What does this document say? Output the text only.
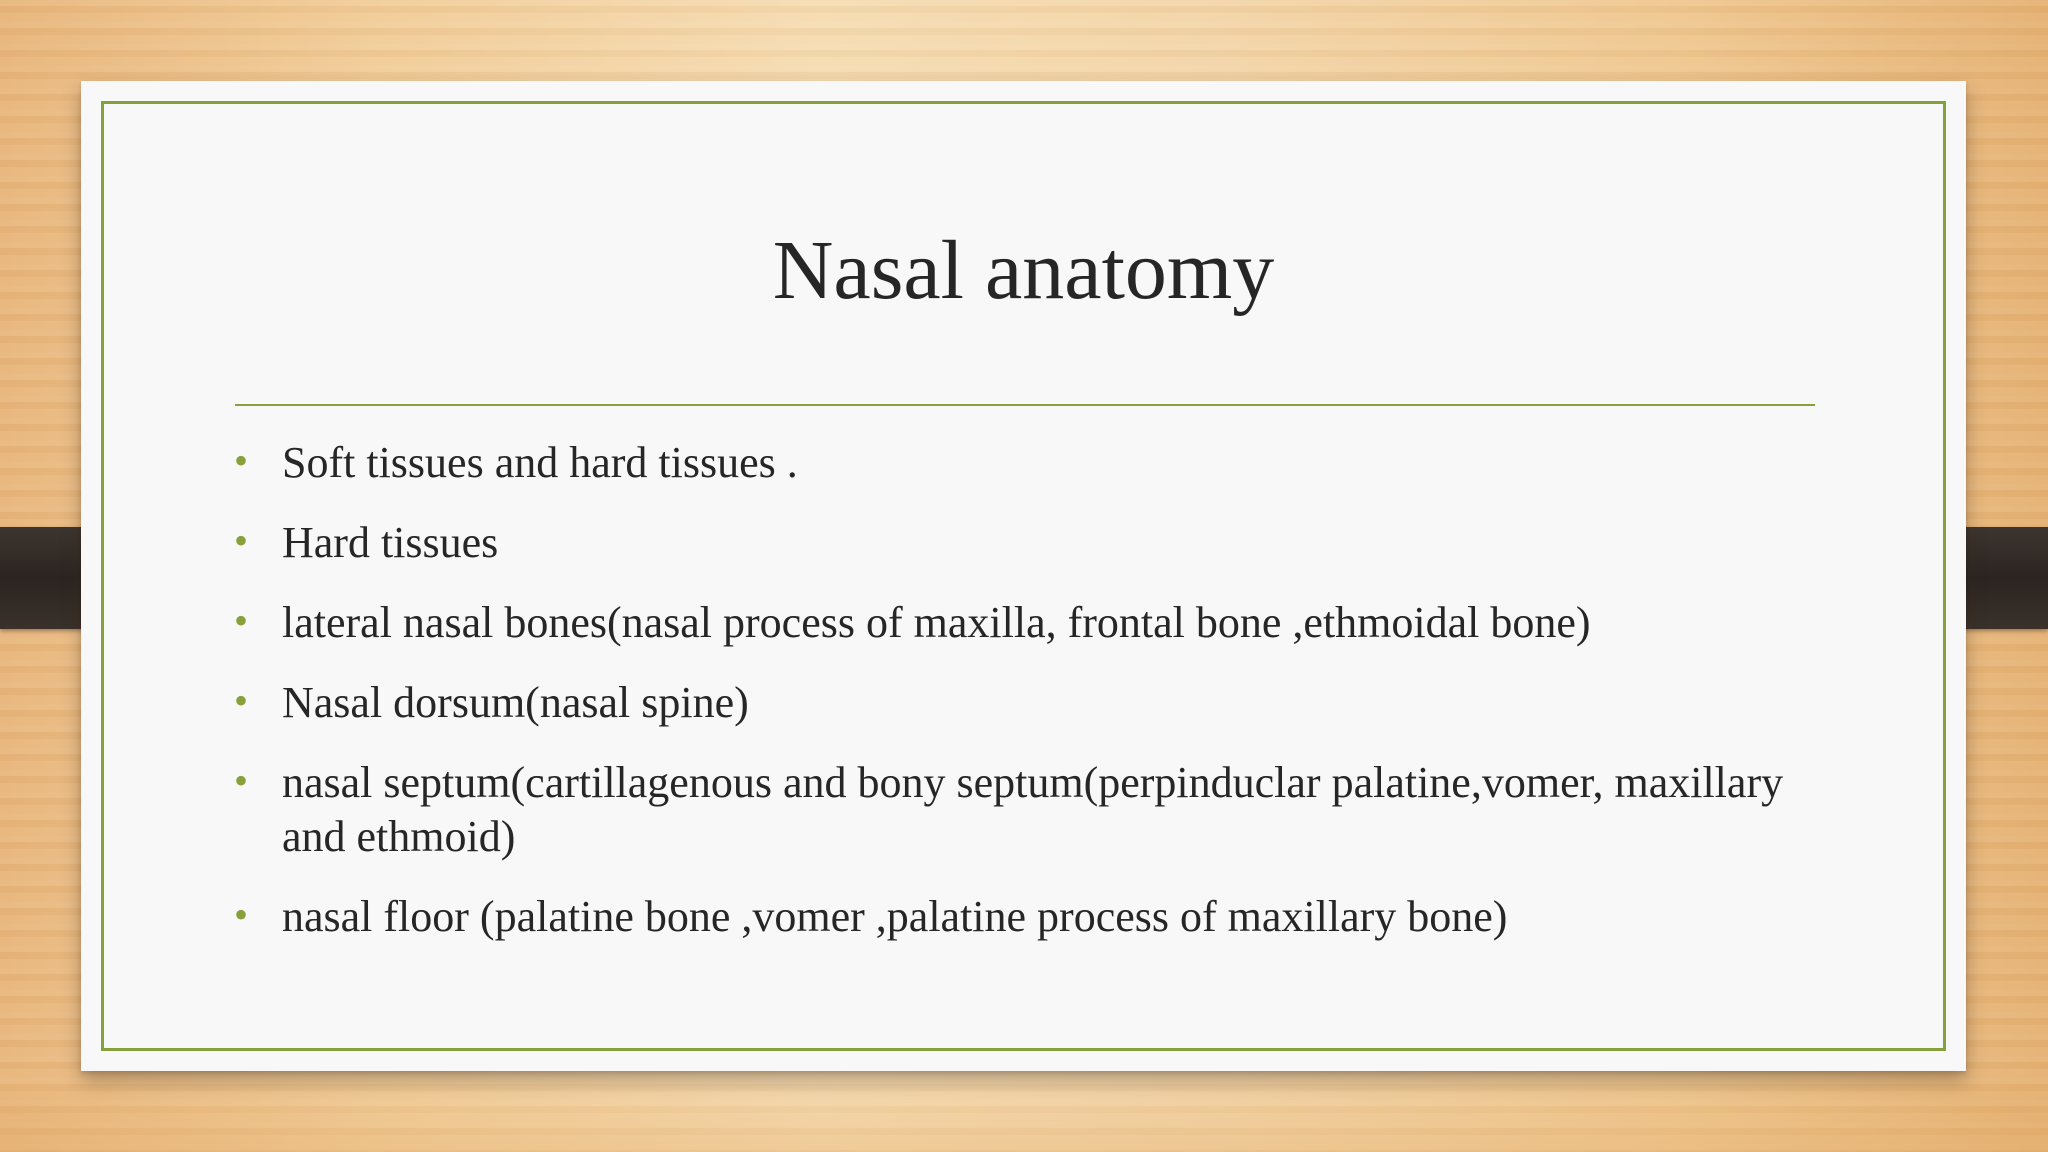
Nasal anatomy
• Soft tissues and hard tissues .
• Hard tissues
• lateral nasal bones(nasal process of maxilla, frontal bone ,ethmoidal bone)
• Nasal dorsum(nasal spine)
• nasal septum(cartillagenous and bony septum(perpinduclar palatine,vomer, maxillary and ethmoid)
• nasal floor (palatine bone ,vomer ,palatine process of maxillary bone)
